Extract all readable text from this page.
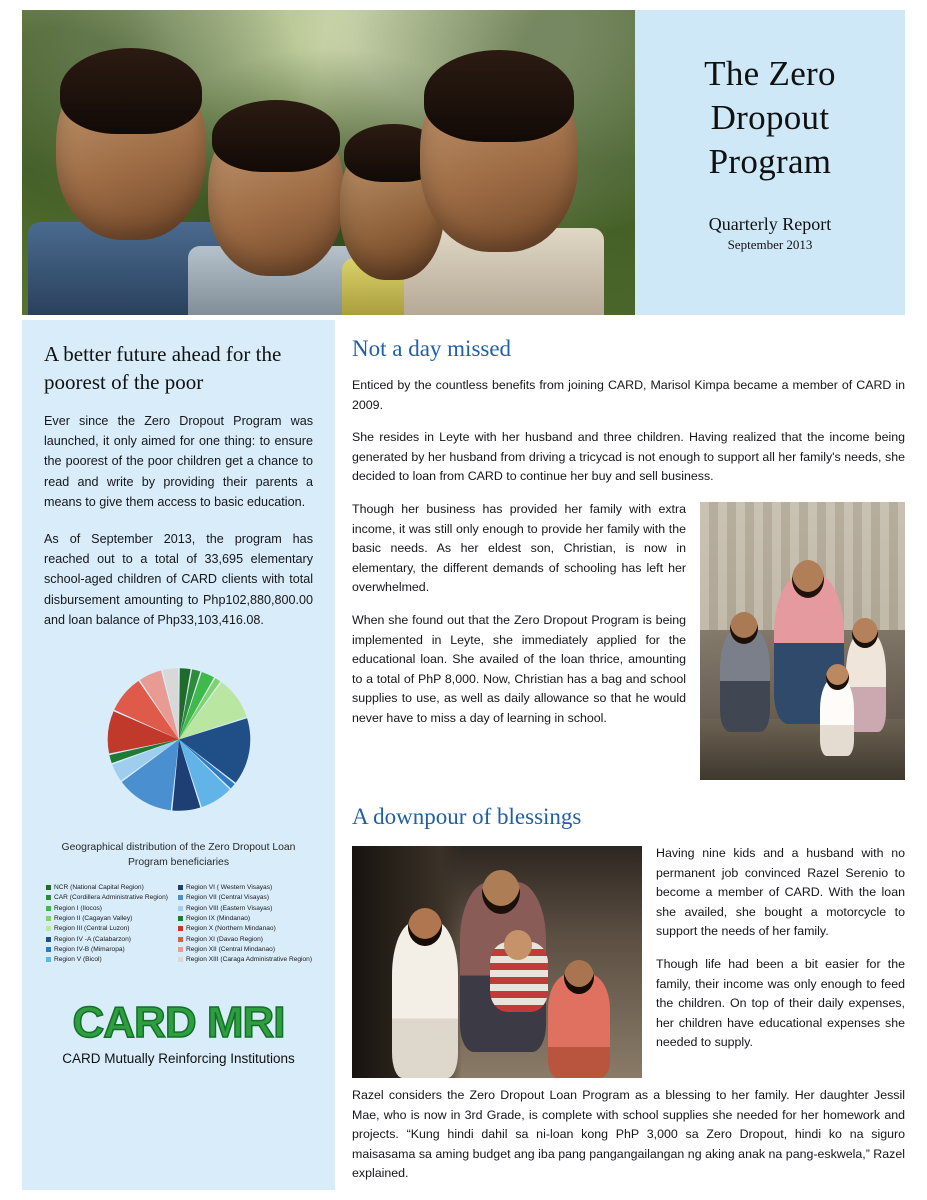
The Zero
Dropout
Program
Quarterly Report
September 2013
A better future ahead for the poorest of the poor

Ever since the Zero Dropout Program was launched, it only aimed for one thing: to ensure the poorest of the poor children get a chance to read and write by providing their parents a means to give them access to basic education.

As of September 2013, the program has reached out to a total of 33,695 elementary school-aged children of CARD clients with total disbursement amounting to Php102,880,800.00 and loan balance of Php33,103,416.08.

Geographical distribution of the Zero Dropout Loan Program beneficiaries
NCR (National Capital Region)
CAR (Cordillera Administrative Region)
Region I (Ilocos)
Region II (Cagayan Valley)
Region III (Central Luzon)
Region IV -A (Calabarzon)
Region IV-B (Mimaropa)
Region V (Bicol)
Region VI ( Western Visayas)
Region VII (Central Visayas)
Region VIII (Eastern Visayas)
Region IX (Mindanao)
Region X (Northern Mindanao)
Region XI (Davao Region)
Region XII (Central Mindanao)
Region XIII (Caraga Administrative Region)
CARD MRI
CARD Mutually Reinforcing Institutions
Not a day missed

Enticed by the countless benefits from joining CARD, Marisol Kimpa became a member of CARD in 2009.

She resides in Leyte with her husband and three children. Having realized that the income being generated by her husband from driving a tricycad is not enough to support all her family's needs, she decided to loan from CARD to continue her buy and sell business.

Though her business has provided her family with extra income, it was still only enough to provide her family with the basic needs. As her eldest son, Christian, is now in elementary, the different demands of schooling has left her overwhelmed.

When she found out that the Zero Dropout Program is being implemented in Leyte, she immediately applied for the educational loan. She availed of the loan thrice, amounting to a total of PhP 8,000. Now, Christian has a bag and school supplies to use, as well as daily allowance so that he would never have to miss a day of learning in school.

A downpour of blessings

Having nine kids and a husband with no permanent job convinced Razel Serenio to become a member of CARD. With the loan she availed, she bought a motorcycle to support the needs of her family.

Though life had been a bit easier for the family, their income was only enough to feed the children. On top of their daily expenses, her children have educational expenses she needed to supply.

Razel considers the Zero Dropout Loan Program as a blessing to her family. Her daughter Jessil Mae, who is now in 3rd Grade, is complete with school supplies she needed for her homework and projects. “Kung hindi dahil sa ni-loan kong PhP 3,000 sa Zero Dropout, hindi ko na siguro maisasama sa aming budget ang iba pang pangangailangan ng aking anak na pang-eskwela,” Razel explained.
